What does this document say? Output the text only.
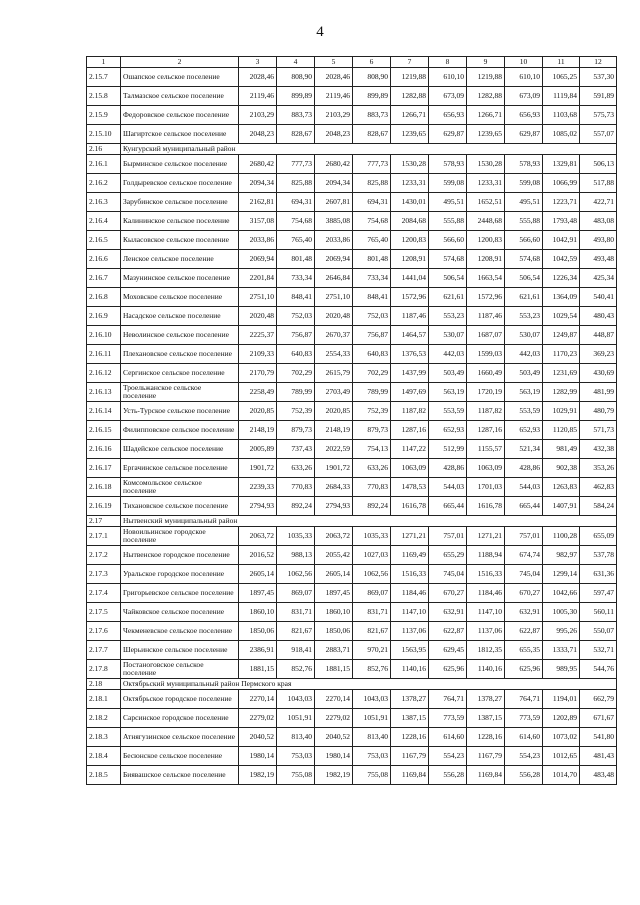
4
1	2	3	4	5	6	7	8	9	10	11	12
2.15.7	Ошапское сельское поселение	2028,46	808,90	2028,46	808,90	1219,88	610,10	1219,88	610,10	1065,25	537,30
2.15.8	Талмазское сельское поселение	2119,46	899,89	2119,46	899,89	1282,88	673,09	1282,88	673,09	1119,84	591,89
2.15.9	Федоровское сельское поселение	2103,29	883,73	2103,29	883,73	1266,71	656,93	1266,71	656,93	1103,68	575,73
2.15.10	Шагиртское сельское поселение	2048,23	828,67	2048,23	828,67	1239,65	629,87	1239,65	629,87	1085,02	557,07
2.16	Кунгурский муниципальный район										
2.16.1	Бырминское сельское поселение	2680,42	777,73	2680,42	777,73	1530,28	578,93	1530,28	578,93	1329,81	506,13
2.16.2	Голдыревское сельское поселение	2094,34	825,88	2094,34	825,88	1233,31	599,08	1233,31	599,08	1066,99	517,88
2.16.3	Зарубинское сельское поселение	2162,81	694,31	2607,81	694,31	1430,01	495,51	1652,51	495,51	1223,71	422,71
2.16.4	Калининское сельское поселение	3157,08	754,68	3885,08	754,68	2084,68	555,88	2448,68	555,88	1793,48	483,08
2.16.5	Кыласовское сельское поселение	2033,86	765,40	2033,86	765,40	1200,83	566,60	1200,83	566,60	1042,91	493,80
2.16.6	Ленское сельское поселение	2069,94	801,48	2069,94	801,48	1208,91	574,68	1208,91	574,68	1042,59	493,48
2.16.7	Мазунинское сельское поселение	2201,84	733,34	2646,84	733,34	1441,04	506,54	1663,54	506,54	1226,34	425,34
2.16.8	Моховское сельское поселение	2751,10	848,41	2751,10	848,41	1572,96	621,61	1572,96	621,61	1364,09	540,41
2.16.9	Насадское сельское поселение	2020,48	752,03	2020,48	752,03	1187,46	553,23	1187,46	553,23	1029,54	480,43
2.16.10	Неволинское сельское поселение	2225,37	756,87	2670,37	756,87	1464,57	530,07	1687,07	530,07	1249,87	448,87
2.16.11	Плехановское сельское поселение	2109,33	640,83	2554,33	640,83	1376,53	442,03	1599,03	442,03	1170,23	369,23
2.16.12	Сергинское сельское поселение	2170,79	702,29	2615,79	702,29	1437,99	503,49	1660,49	503,49	1231,69	430,69
2.16.13	Троельжанское сельское поселение	2258,49	789,99	2703,49	789,99	1497,69	563,19	1720,19	563,19	1282,99	481,99
2.16.14	Усть-Турское сельское поселение	2020,85	752,39	2020,85	752,39	1187,82	553,59	1187,82	553,59	1029,91	480,79
2.16.15	Филипповское сельское поселение	2148,19	879,73	2148,19	879,73	1287,16	652,93	1287,16	652,93	1120,85	571,73
2.16.16	Шадейское сельское поселение	2005,89	737,43	2022,59	754,13	1147,22	512,99	1155,57	521,34	981,49	432,38
2.16.17	Ергачинское сельское поселение	1901,72	633,26	1901,72	633,26	1063,09	428,86	1063,09	428,86	902,38	353,26
2.16.18	Комсомольское сельское поселение	2239,33	770,83	2684,33	770,83	1478,53	544,03	1701,03	544,03	1263,83	462,83
2.16.19	Тихановское сельское поселение	2794,93	892,24	2794,93	892,24	1616,78	665,44	1616,78	665,44	1407,91	584,24
2.17	Нытвенский муниципальный район										
2.17.1	Новоильинское городское поселение	2063,72	1035,33	2063,72	1035,33	1271,21	757,01	1271,21	757,01	1100,28	655,09
2.17.2	Нытвенское городское поселение	2016,52	988,13	2055,42	1027,03	1169,49	655,29	1188,94	674,74	982,97	537,78
2.17.3	Уральское городское поселение	2605,14	1062,56	2605,14	1062,56	1516,33	745,04	1516,33	745,04	1299,14	631,36
2.17.4	Григорьевское сельское поселение	1897,45	869,07	1897,45	869,07	1184,46	670,27	1184,46	670,27	1042,66	597,47
2.17.5	Чайковское сельское поселение	1860,10	831,71	1860,10	831,71	1147,10	632,91	1147,10	632,91	1005,30	560,11
2.17.6	Чекменевское сельское поселение	1850,06	821,67	1850,06	821,67	1137,06	622,87	1137,06	622,87	995,26	550,07
2.17.7	Шерьинское сельское поселение	2386,91	918,41	2883,71	970,21	1563,95	629,45	1812,35	655,35	1333,71	532,71
2.17.8	Постаноговское сельское поселение	1881,15	852,76	1881,15	852,76	1140,16	625,96	1140,16	625,96	989,95	544,76
2.18	Октябрьский муниципальный район Пермского края										
2.18.1	Октябрьское городское поселение	2270,14	1043,03	2270,14	1043,03	1378,27	764,71	1378,27	764,71	1194,01	662,79
2.18.2	Сарсинское городское поселение	2279,02	1051,91	2279,02	1051,91	1387,15	773,59	1387,15	773,59	1202,89	671,67
2.18.3	Атнягузинское сельское поселение	2040,52	813,40	2040,52	813,40	1228,16	614,60	1228,16	614,60	1073,02	541,80
2.18.4	Бесюнское сельское поселение	1980,14	753,03	1980,14	753,03	1167,79	554,23	1167,79	554,23	1012,65	481,43
2.18.5	Биявашское сельское поселение	1982,19	755,08	1982,19	755,08	1169,84	556,28	1169,84	556,28	1014,70	483,48
